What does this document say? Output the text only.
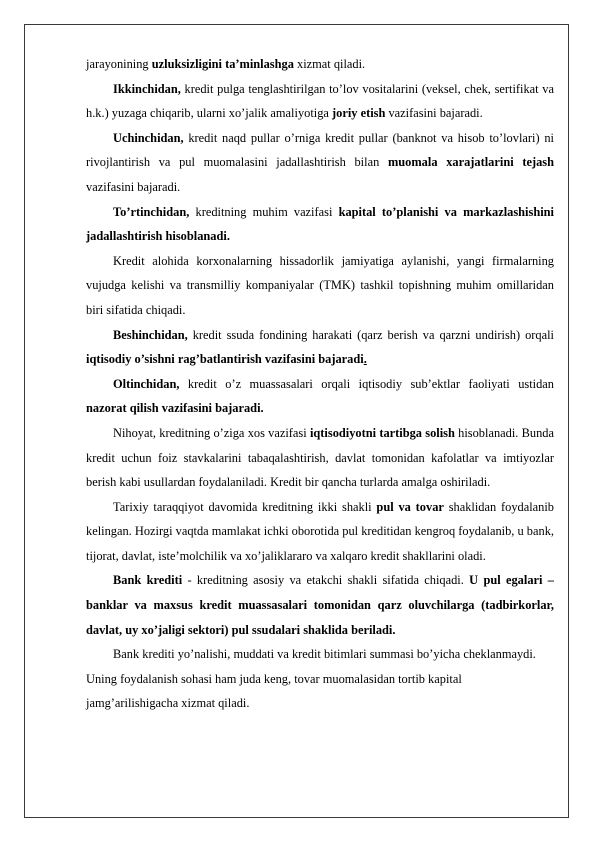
jarayonining uzluksizligini ta’minlashga xizmat qiladi.

Ikkinchidan, kredit pulga tenglashtirilgan to’lov vositalarini (veksel, chek, sertifikat va h.k.) yuzaga chiqarib, ularni xo’jalik amaliyotiga joriy etish vazifasini bajaradi.

Uchinchidan, kredit naqd pullar o’rniga kredit pullar (banknot va hisob to’lovlari) ni rivojlantirish va pul muomalasini jadallashtirish bilan muomala xarajatlarini tejash vazifasini bajaradi.

To’rtinchidan, kreditning muhim vazifasi kapital to’planishi va markazlashishini jadallashtirish hisoblanadi.

Kredit alohida korxonalarning hissadorlik jamiyatiga aylanishi, yangi firmalarning vujudga kelishi va transmilliy kompaniyalar (TMK) tashkil topishning muhim omillaridan biri sifatida chiqadi.

Beshinchidan, kredit ssuda fondining harakati (qarz berish va qarzni undirish) orqali iqtisodiy o’sishni rag’batlantirish vazifasini bajaradi.

Oltinchidan, kredit o’z muassasalari orqali iqtisodiy sub’ektlar faoliyati ustidan nazorat qilish vazifasini bajaradi.

Nihoyat, kreditning o’ziga xos vazifasi iqtisodiyotni tartibga solish hisoblanadi. Bunda kredit uchun foiz stavkalarini tabaqalashtirish, davlat tomonidan kafolatlar va imtiyozlar berish kabi usullardan foydalaniladi. Kredit bir qancha turlarda amalga oshiriladi.

Tarixiy taraqqiyot davomida kreditning ikki shakli pul va tovar shaklidan foydalanib kelingan. Hozirgi vaqtda mamlakat ichki oborotida pul kreditidan kengroq foydalanib, u bank, tijorat, davlat, iste’molchilik va xo’jaliklararo va xalqaro kredit shakllarini oladi.

Bank krediti - kreditning asosiy va etakchi shakli sifatida chiqadi. U pul egalari – banklar va maxsus kredit muassasalari tomonidan qarz oluvchilarga (tadbirkorlar, davlat, uy xo’jaligi sektori) pul ssudalari shaklida beriladi.

Bank krediti yo’nalishi, muddati va kredit bitimlari summasi bo’yicha cheklanmaydi. Uning foydalanish sohasi ham juda keng, tovar muomalasidan tortib kapital jamg’arilishigacha xizmat qiladi.
